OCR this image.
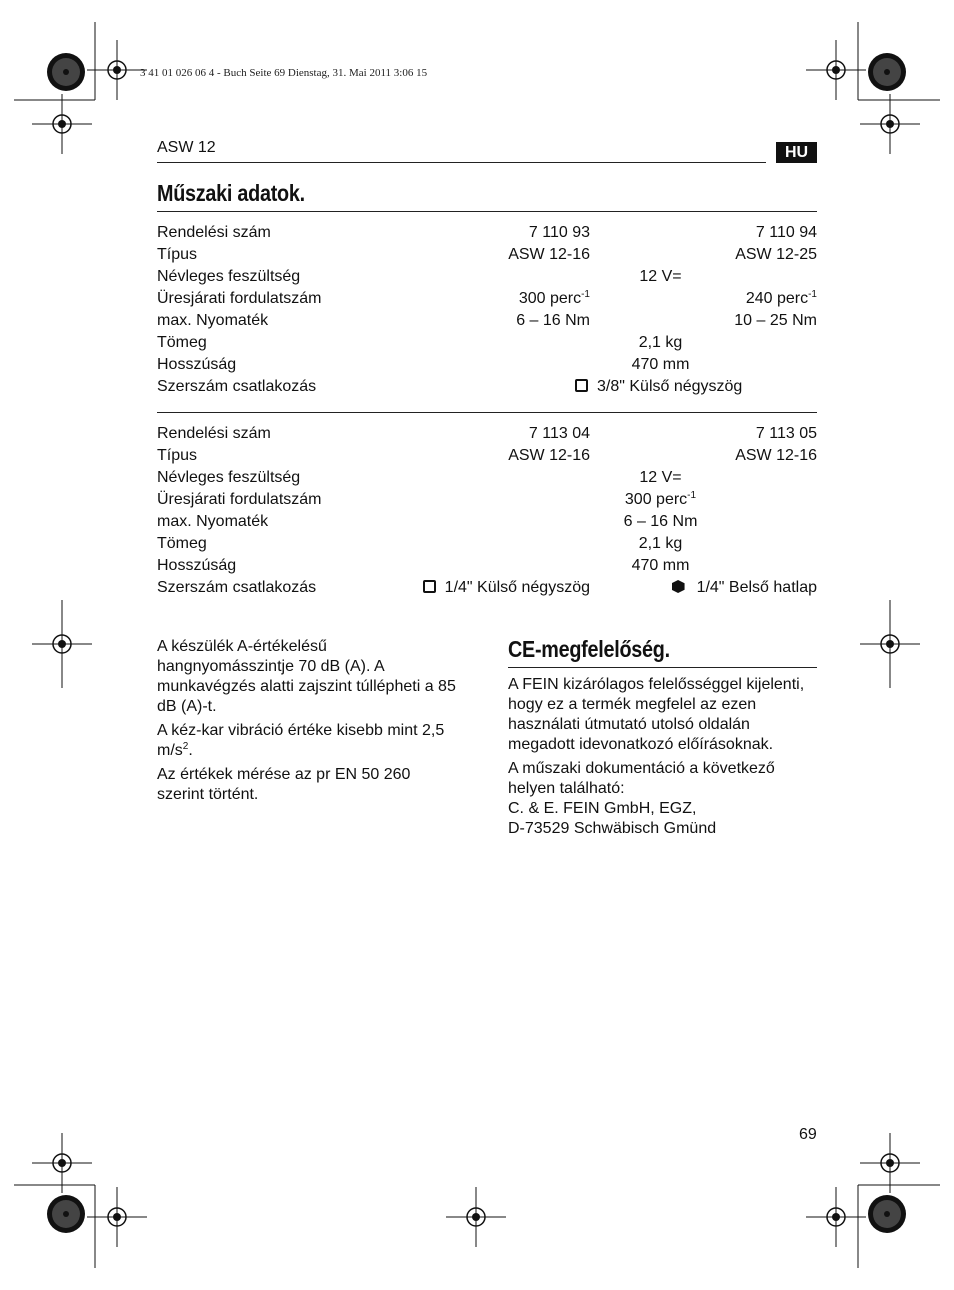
3 41 01 026 06 4 - Buch Seite 69 Dienstag, 31. Mai 2011 3:06 15
ASW 12	HU
Műszaki adatok.
Rendelési szám	7 110 93	7 110 94
Típus	ASW 12-16	ASW 12-25
Névleges feszültség	12 V=
Üresjárati fordulatszám	300 perc$^{-1}$	240 perc$^{-1}$
max. Nyomaték	6 – 16 Nm	10 – 25 Nm
Tömeg	2,1 kg
Hosszúság	470 mm
Szerszám csatlakozás	3/8" Külső négyszög
Rendelési szám	7 113 04	7 113 05
Típus	ASW 12-16	ASW 12-16
Névleges feszültség	12 V=
Üresjárati fordulatszám	300 perc$^{-1}$
max. Nyomaték	6 – 16 Nm
Tömeg	2,1 kg
Hosszúság	470 mm
Szerszám csatlakozás	1/4" Külső négyszög	1/4" Belső hatlap

A készülék A-értékelésű hangnyomásszintje 70 dB (A). A munkavégzés alatti zajszint túllépheti a 85 dB (A)-t.

A kéz-kar vibráció értéke kisebb mint 2,5 $m/s^2$.

Az értékek mérése az pr EN 50 260 szerint történt.

CE-megfelelőség.

A FEIN kizárólagos felelősséggel kijelenti, hogy ez a termék megfelel az ezen használati útmutató utolsó oldalán megadott idevonatkozó előírásoknak.

A műszaki dokumentáció a következő helyen található:
C. & E. FEIN GmbH, EGZ,
D-73529 Schwäbisch Gmünd

69
